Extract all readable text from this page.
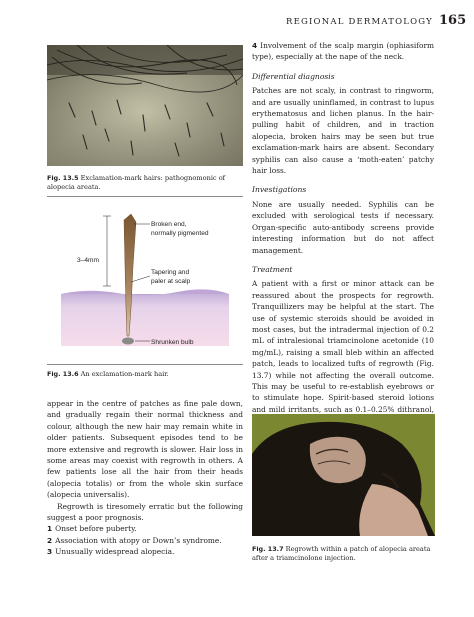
REGIONAL DERMATOLOGY 165
Fig. 13.5 Exclamation-mark hairs: pathognomonic of alopecia areata.
Broken end,
normally pigmented
3–4mm
Tapering and
paler at scalp
Shrunken bulb
Fig. 13.6 An exclamation-mark hair.

appear in the centre of patches as fine pale down, and gradually regain their normal thickness and colour, although the new hair may remain white in older patients. Subsequent episodes tend to be more extensive and regrowth is slower. Hair loss in some areas may coexist with regrowth in others. A few patients lose all the hair from their heads (alopecia totalis) or from the whole skin surface (alopecia universalis).

Regrowth is tiresomely erratic but the following suggest a poor prognosis.

1 Onset before puberty.
2 Association with atopy or Down’s syndrome.
3 Unusually widespread alopecia.

4 Involvement of the scalp margin (ophiasiform type), especially at the nape of the neck.

Differential diagnosis

Patches are not scaly, in contrast to ringworm, and are usually uninflamed, in contrast to lupus erythematosus and lichen planus. In the hair-pulling habit of children, and in traction alopecia, broken hairs may be seen but true exclamation-mark hairs are absent. Secondary syphilis can also cause a ‘moth-eaten’ patchy hair loss.

Investigations

None are usually needed. Syphilis can be excluded with serological tests if necessary. Organ-specific auto-antibody screens provide interesting information but do not affect management.

Treatment

A patient with a first or minor attack can be reassured about the prospects for regrowth. Tranquillizers may be helpful at the start. The use of systemic steroids should be avoided in most cases, but the intradermal injection of 0.2 mL of intralesional triamcinolone acetonide (10 mg/mL), raising a small bleb within an affected patch, leads to localized tufts of regrowth (Fig. 13.7) while not affecting the overall outcome. This may be useful to re-establish eyebrows or to stimulate hope. Spirit-based steroid lotions and mild irritants, such as 0.1–0.25% dithranol,

Fig. 13.7 Regrowth within a patch of alopecia areata after a triamcinolone injection.
